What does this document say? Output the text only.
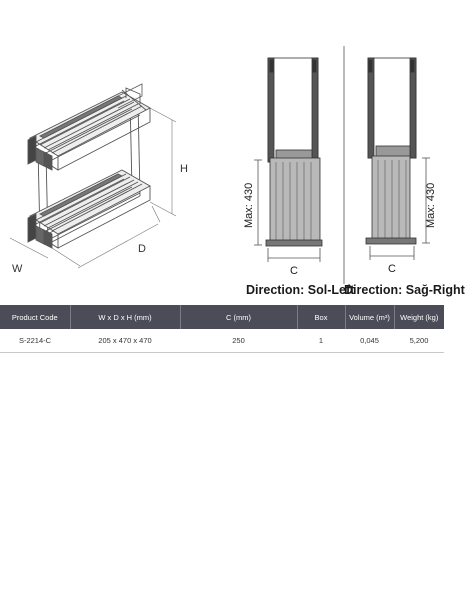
H
W
D
Max: 430
C
Max: 430
C
Direction: Sol-Left
Direction: Sağ-Right
Product Code	W x D x H (mm)	C (mm)	Box	Volume (m³)	Weight (kg)
S-2214-C	205 x 470 x 470	250	1	0,045	5,200
